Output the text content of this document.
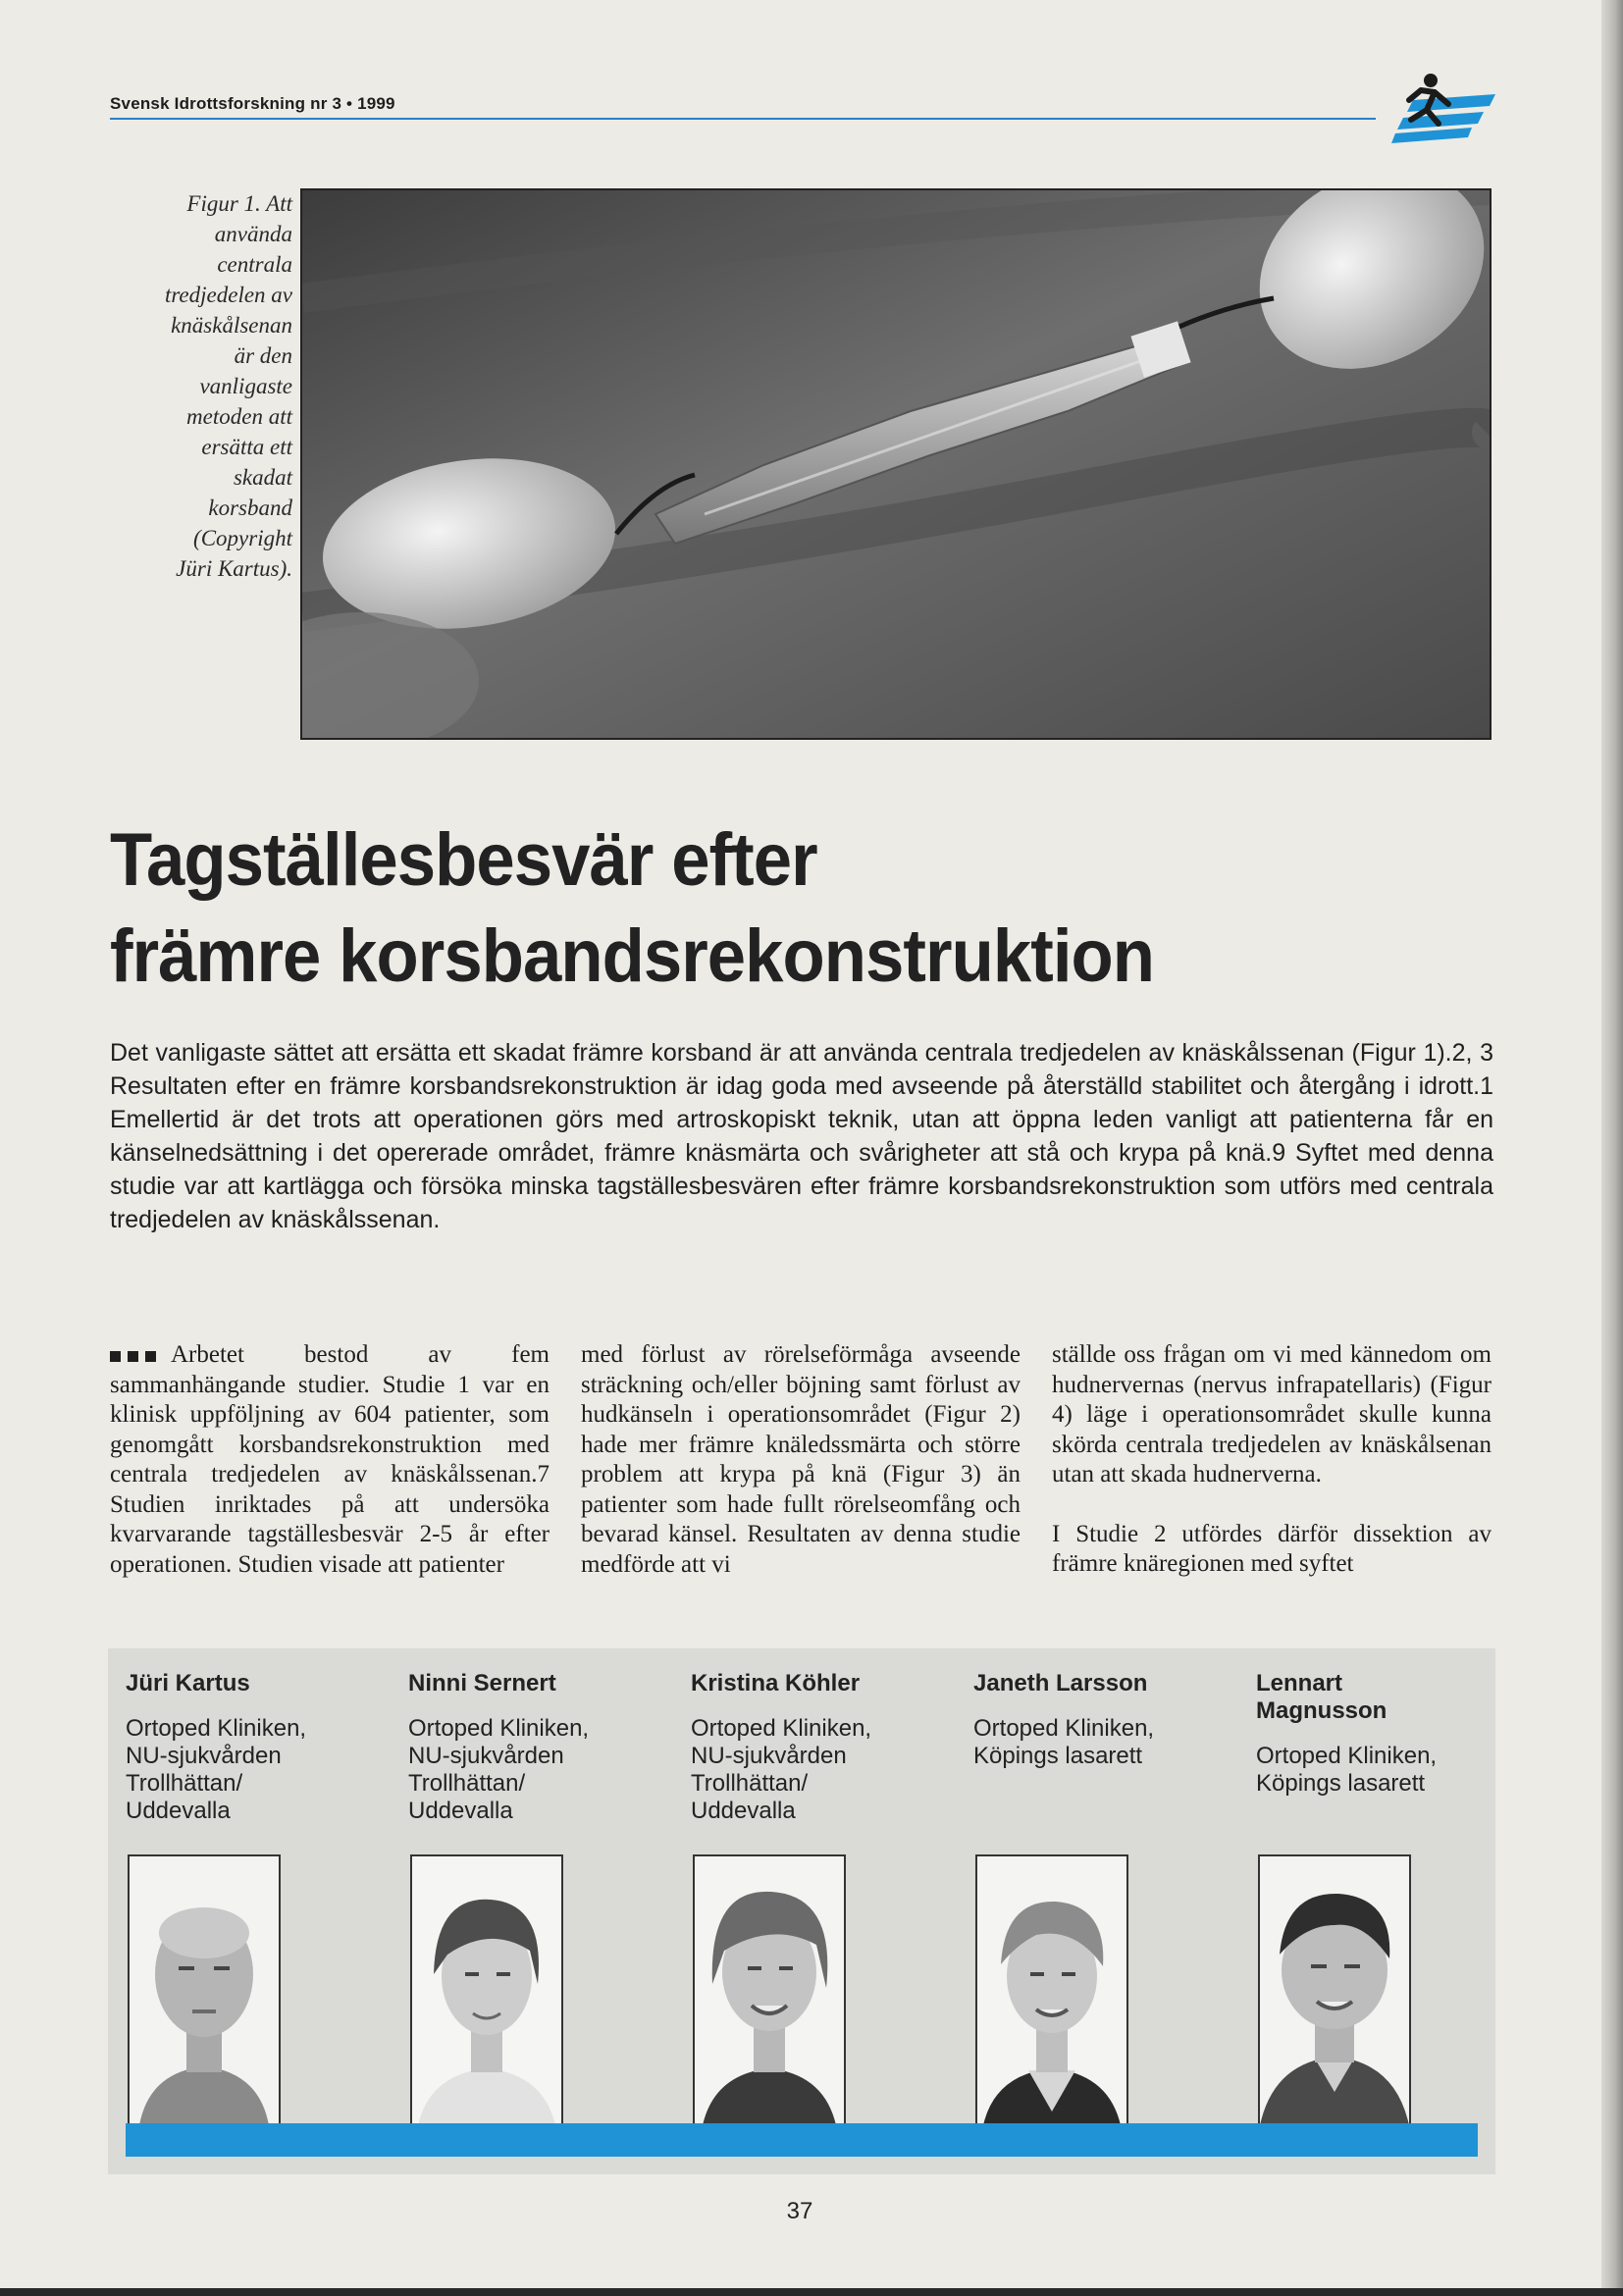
Svensk Idrottsforskning nr 3 • 1999
Figur 1. Att använda centrala tredjedelen av knäskålsenan är den vanligaste metoden att ersätta ett skadat korsband (Copyright Jüri Kartus).
Tagställesbesvär efter
främre korsbandsrekonstruktion

Det vanligaste sättet att ersätta ett skadat främre korsband är att använda centrala tredjedelen av knäskålssenan (Figur 1).2, 3 Resultaten efter en främre korsbandsrekonstruktion är idag goda med avseende på återställd stabilitet och återgång i idrott.1 Emellertid är det trots att operationen görs med artroskopiskt teknik, utan att öppna leden vanligt att patienterna får en känselnedsättning i det opererade området, främre knäsmärta och svårigheter att stå och krypa på knä.9 Syftet med denna studie var att kartlägga och försöka minska tagställesbesvären efter främre korsbandsrekonstruktion som utförs med centrala tredjedelen av knäskålssenan.

Arbetet bestod av fem sammanhängande studier. Studie 1 var en klinisk uppföljning av 604 patienter, som genomgått korsbandsrekonstruktion med centrala tredjedelen av knäskålssenan.7 Studien inriktades på att undersöka kvarvarande tagställesbesvär 2-5 år efter operationen. Studien visade att patienter

med förlust av rörelseförmåga avseende sträckning och/eller böjning samt förlust av hudkänseln i operationsområdet (Figur 2) hade mer främre knäledssmärta och större problem att krypa på knä (Figur 3) än patienter som hade fullt rörelseomfång och bevarad känsel. Resultaten av denna studie medförde att vi

ställde oss frågan om vi med kännedom om hudnervernas (nervus infrapatellaris) (Figur 4) läge i operationsområdet skulle kunna skörda centrala tredjedelen av knäskålsenan utan att skada hudnerverna.

I Studie 2 utfördes därför dissektion av främre knäregionen med syftet

Jüri Kartus

Ortoped Kliniken, NU-sjukvården Trollhättan/ Uddevalla

Ninni Sernert

Ortoped Kliniken, NU-sjukvården Trollhättan/ Uddevalla

Kristina Köhler

Ortoped Kliniken, NU-sjukvården Trollhättan/ Uddevalla

Janeth Larsson

Ortoped Kliniken, Köpings lasarett

Lennart Magnusson

Ortoped Kliniken, Köpings lasarett

37
